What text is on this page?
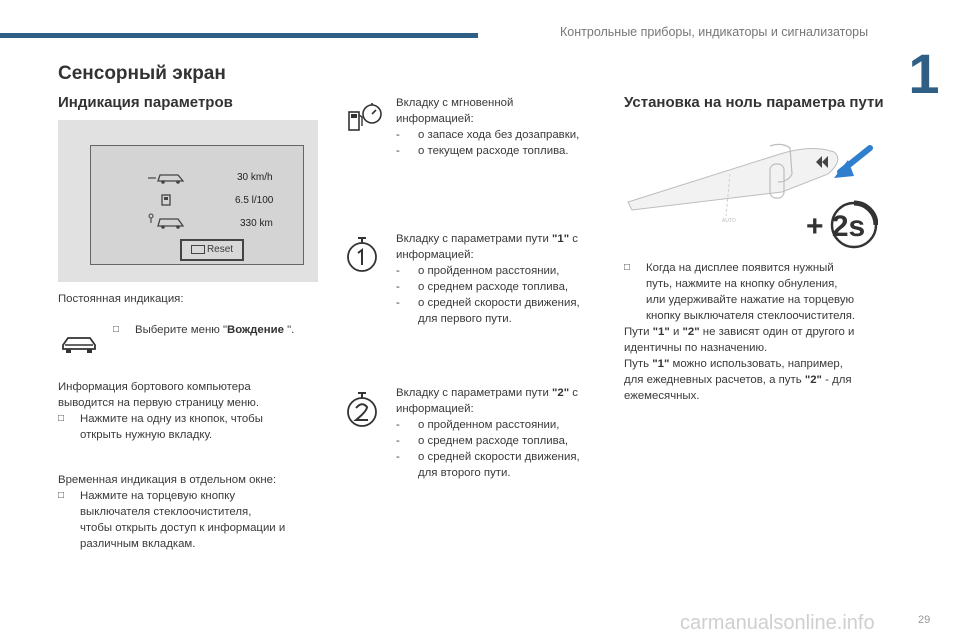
Контрольные приборы, индикаторы и сигнализаторы
1
Сенсорный экран
Индикация параметров
30 km/h
6.5 l/100
330 km
Reset
Постоянная индикация:
□ Выберите меню "Вождение ".

Информация бортового компьютера

выводится на первую страницу меню.

□ Нажмите на одну из кнопок, чтобы

открыть нужную вкладку.

Временная индикация в отдельном окне:

□ Нажмите на торцевую кнопку

выключателя стеклоочистителя,

чтобы открыть доступ к информации и

различным вкладкам.

Вкладку с мгновенной

информацией:

- о запасе хода без дозаправки,
- о текущем расходе топлива.

Вкладку с параметрами пути "1" с

информацией:

- о пройденном расстоянии,
- о среднем расходе топлива,
- о средней скорости движения,

для первого пути.

Вкладку с параметрами пути "2" с

информацией:

- о пройденном расстоянии,
- о среднем расходе топлива,
- о средней скорости движения,

для второго пути.

Установка на ноль параметра пути
AUTO + 2s
□ Когда на дисплее появится нужный

путь, нажмите на кнопку обнуления,

или удерживайте нажатие на торцевую

кнопку выключателя стеклоочистителя.

Пути "1" и "2" не зависят один от другого и

идентичны по назначению.

Путь "1" можно использовать, например,

для ежедневных расчетов, а путь "2" - для

ежемесячных.

carmanualsonline.info	29
